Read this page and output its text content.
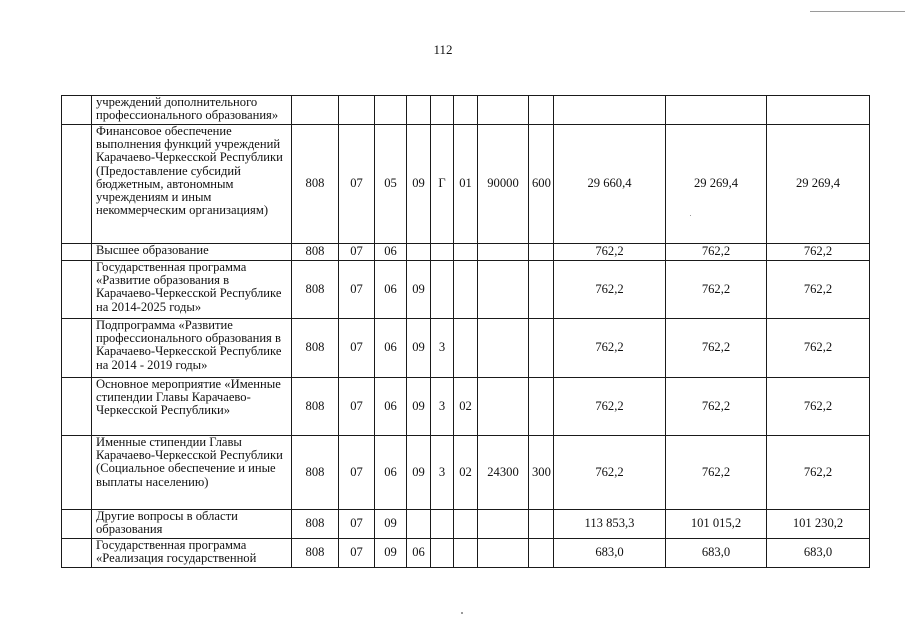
112
	учреждений дополнительного профессионального образования»											
	Финансовое обеспечение выполнения функций учреждений Карачаево-Черкесской Республики (Предоставление субсидий бюджетным, автономным учреждениям и иным некоммерческим организациям)	808	07	05	09	Г	01	90000	600	29 660,4	29 269,4	29 269,4
	Высшее образование	808	07	06						762,2	762,2	762,2
	Государственная программа «Развитие образования в Карачаево-Черкесской Республике на 2014-2025 годы»	808	07	06	09					762,2	762,2	762,2
	Подпрограмма «Развитие профессионального образования в Карачаево-Черкесской Республике на 2014 - 2019 годы»	808	07	06	09	3				762,2	762,2	762,2
	Основное мероприятие «Именные стипендии Главы Карачаево-Черкесской Республики»	808	07	06	09	3	02			762,2	762,2	762,2
	Именные стипендии Главы Карачаево-Черкесской Республики (Социальное обеспечение и иные выплаты населению)	808	07	06	09	3	02	24300	300	762,2	762,2	762,2
	Другие вопросы в области образования	808	07	09						113 853,3	101 015,2	101 230,2
	Государственная программа «Реализация государственной	808	07	09	06					683,0	683,0	683,0
